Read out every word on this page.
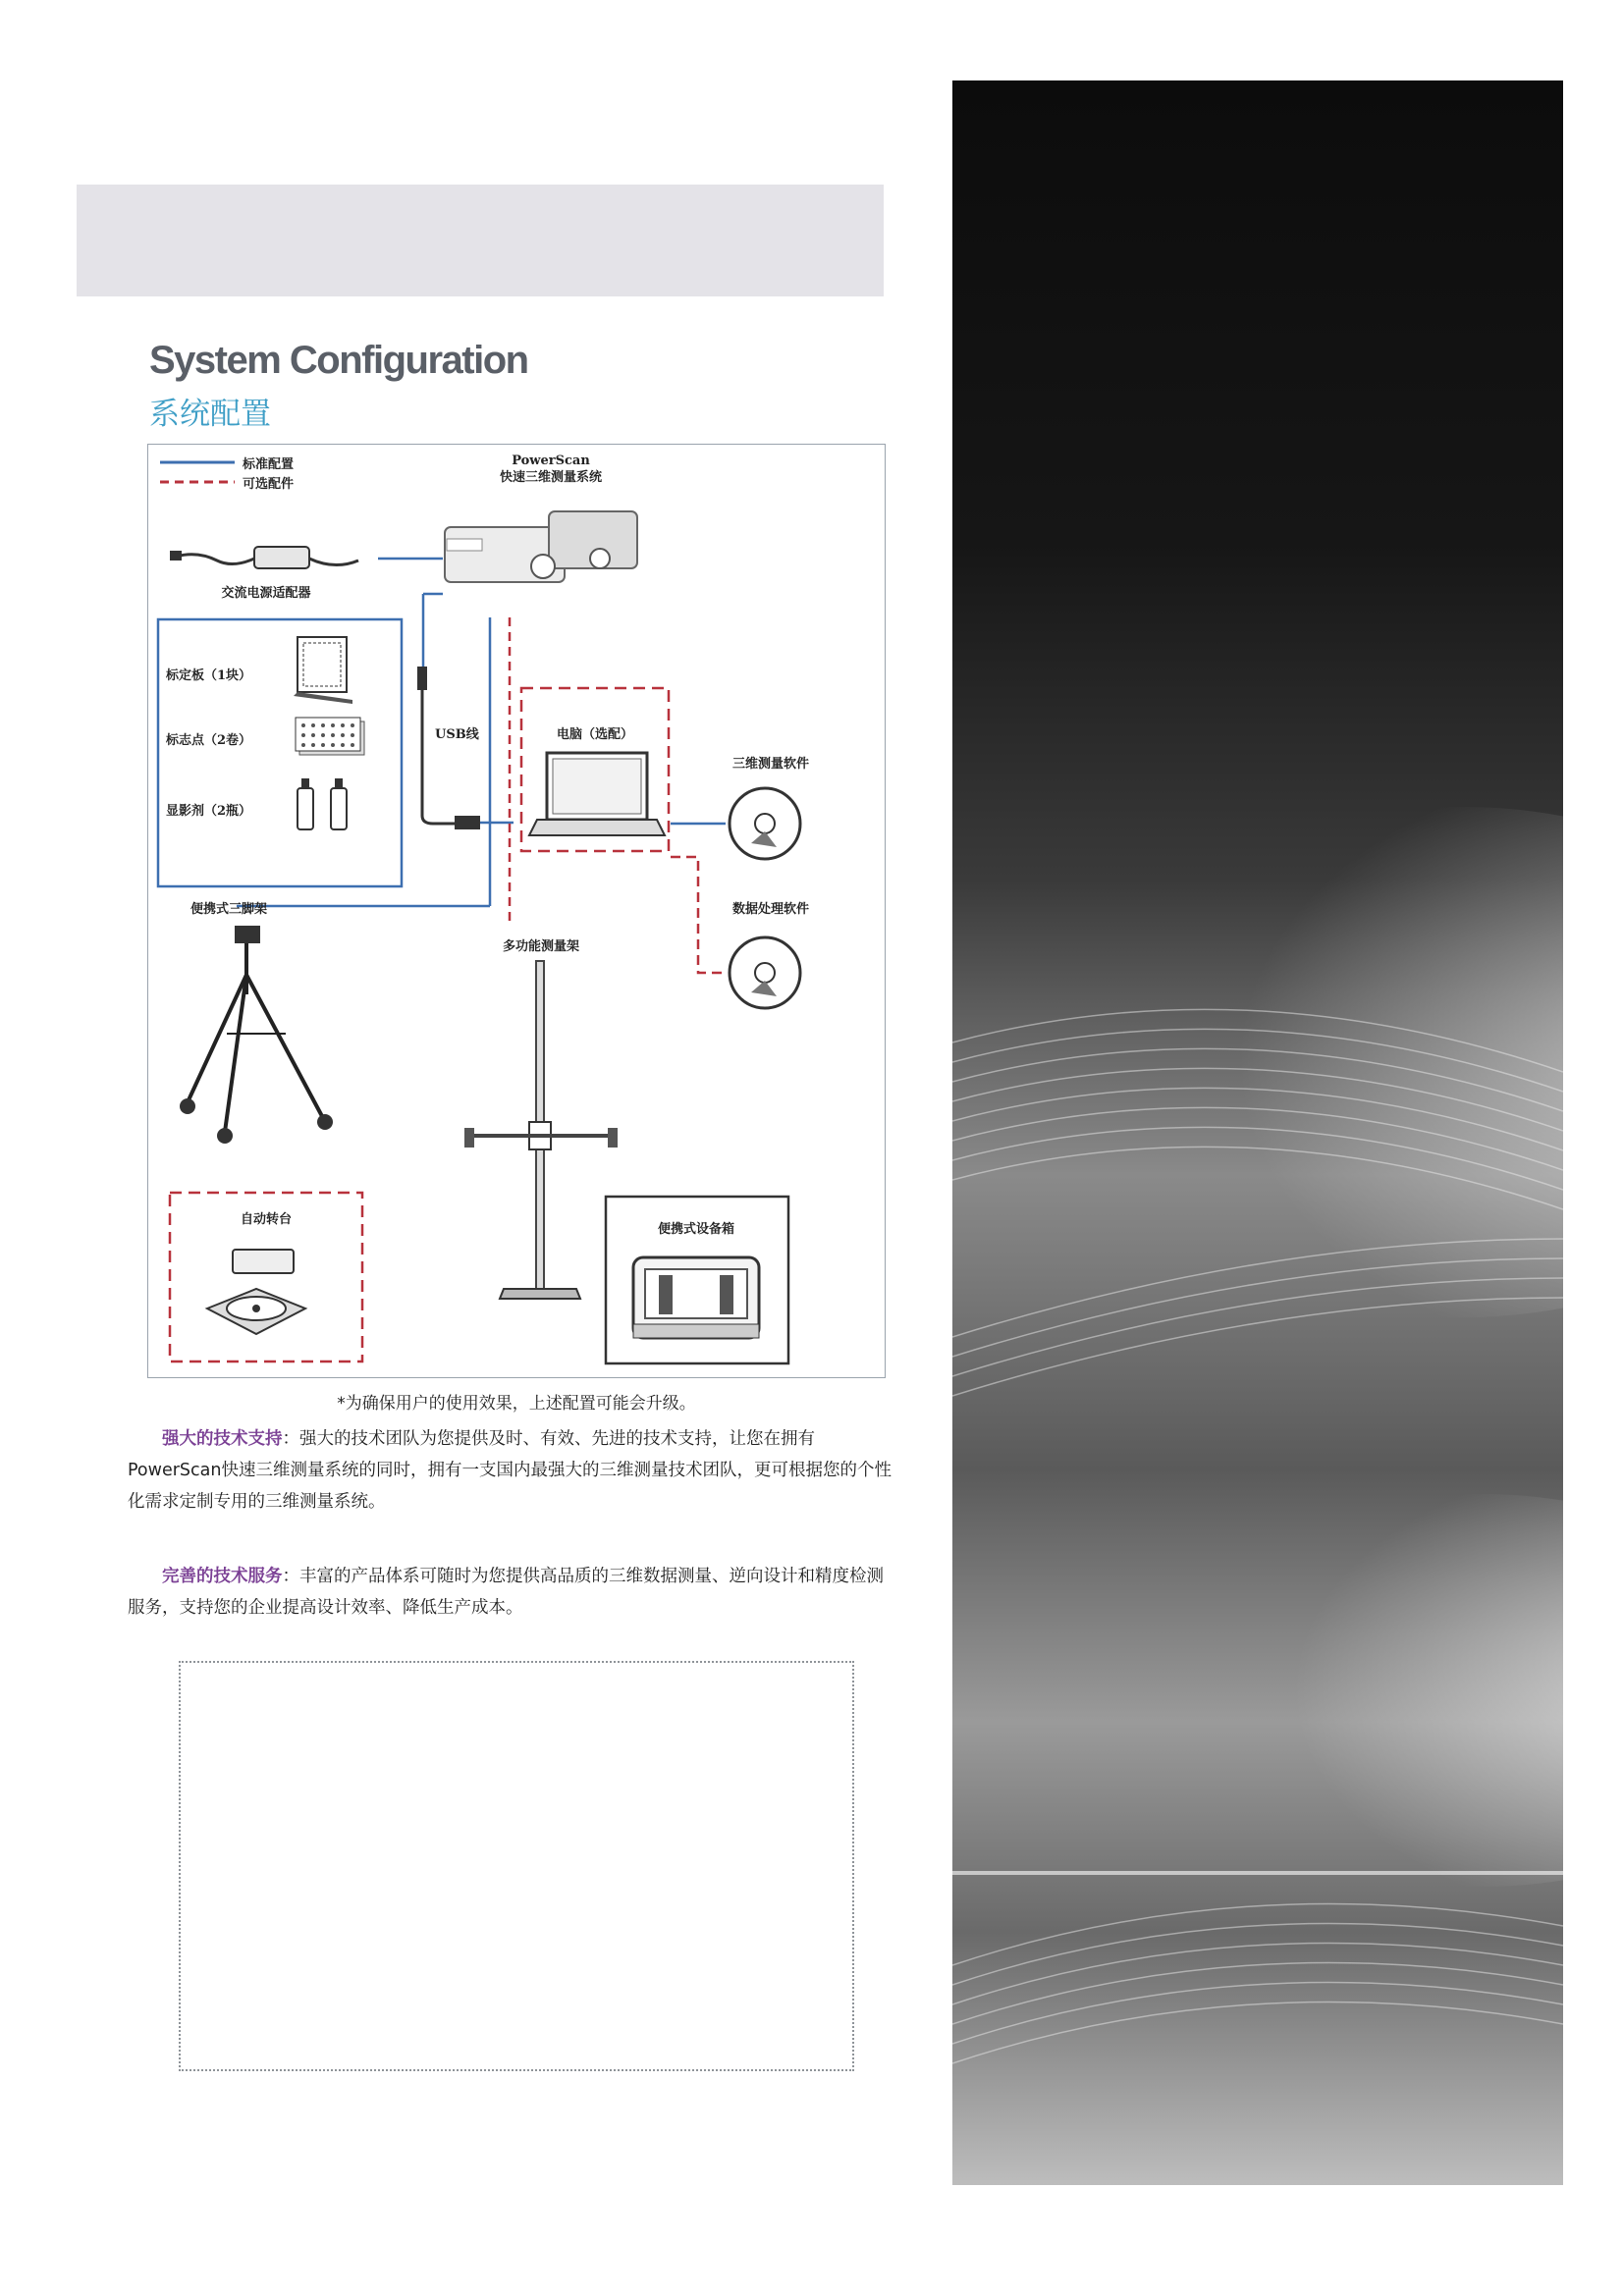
System Configuration
系统配置
标准配置
可选配件
PowerScan
快速三维测量系统
交流电源适配器
标定板（1块）
标志点（2卷）
显影剂（2瓶）
USB线	电脑（选配）
三维测量软件
数据处理软件
便携式三脚架
多功能测量架
自动转台
便携式设备箱
*为确保用户的使用效果，上述配置可能会升级。

强大的技术支持：强大的技术团队为您提供及时、有效、先进的技术支持，让您在拥有PowerScan快速三维测量系统的同时，拥有一支国内最强大的三维测量技术团队，更可根据您的个性化需求定制专用的三维测量系统。

完善的技术服务：丰富的产品体系可随时为您提供高品质的三维数据测量、逆向设计和精度检测服务，支持您的企业提高设计效率、降低生产成本。
